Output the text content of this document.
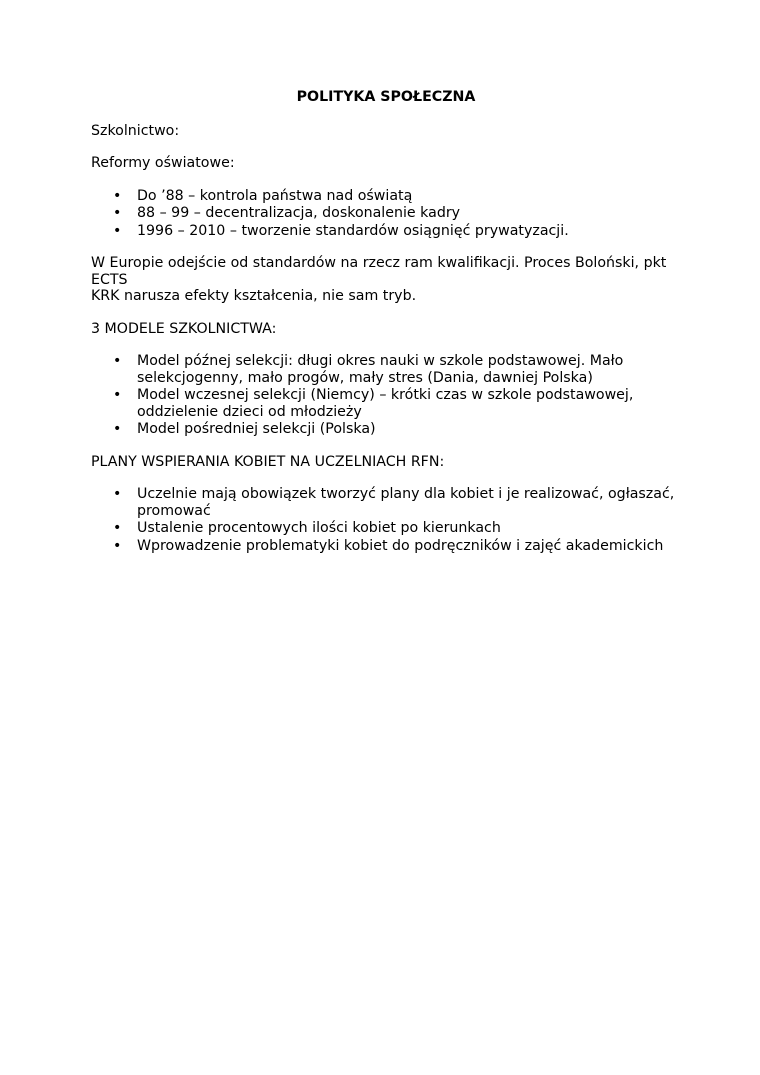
POLITYKA SPOŁECZNA
Szkolnictwo:
Reformy oświatowe:
• Do ’88 – kontrola państwa nad oświatą
• 88 – 99 – decentralizacja, doskonalenie kadry
• 1996 – 2010 – tworzenie standardów osiągnięć prywatyzacji.
W Europie odejście od standardów na rzecz ram kwalifikacji. Proces Boloński, pkt ECTS
KRK narusza efekty kształcenia, nie sam tryb.
3 MODELE SZKOLNICTWA:
• Model późnej selekcji: długi okres nauki w szkole podstawowej. Mało selekcjogenny, mało progów, mały stres (Dania, dawniej Polska)
• Model wczesnej selekcji (Niemcy) – krótki czas w szkole podstawowej, oddzielenie dzieci od młodzieży
• Model pośredniej selekcji (Polska)
PLANY WSPIERANIA KOBIET NA UCZELNIACH RFN:
• Uczelnie mają obowiązek tworzyć plany dla kobiet i je realizować, ogłaszać, promować
• Ustalenie procentowych ilości kobiet po kierunkach
• Wprowadzenie problematyki kobiet do podręczników i zajęć akademickich
